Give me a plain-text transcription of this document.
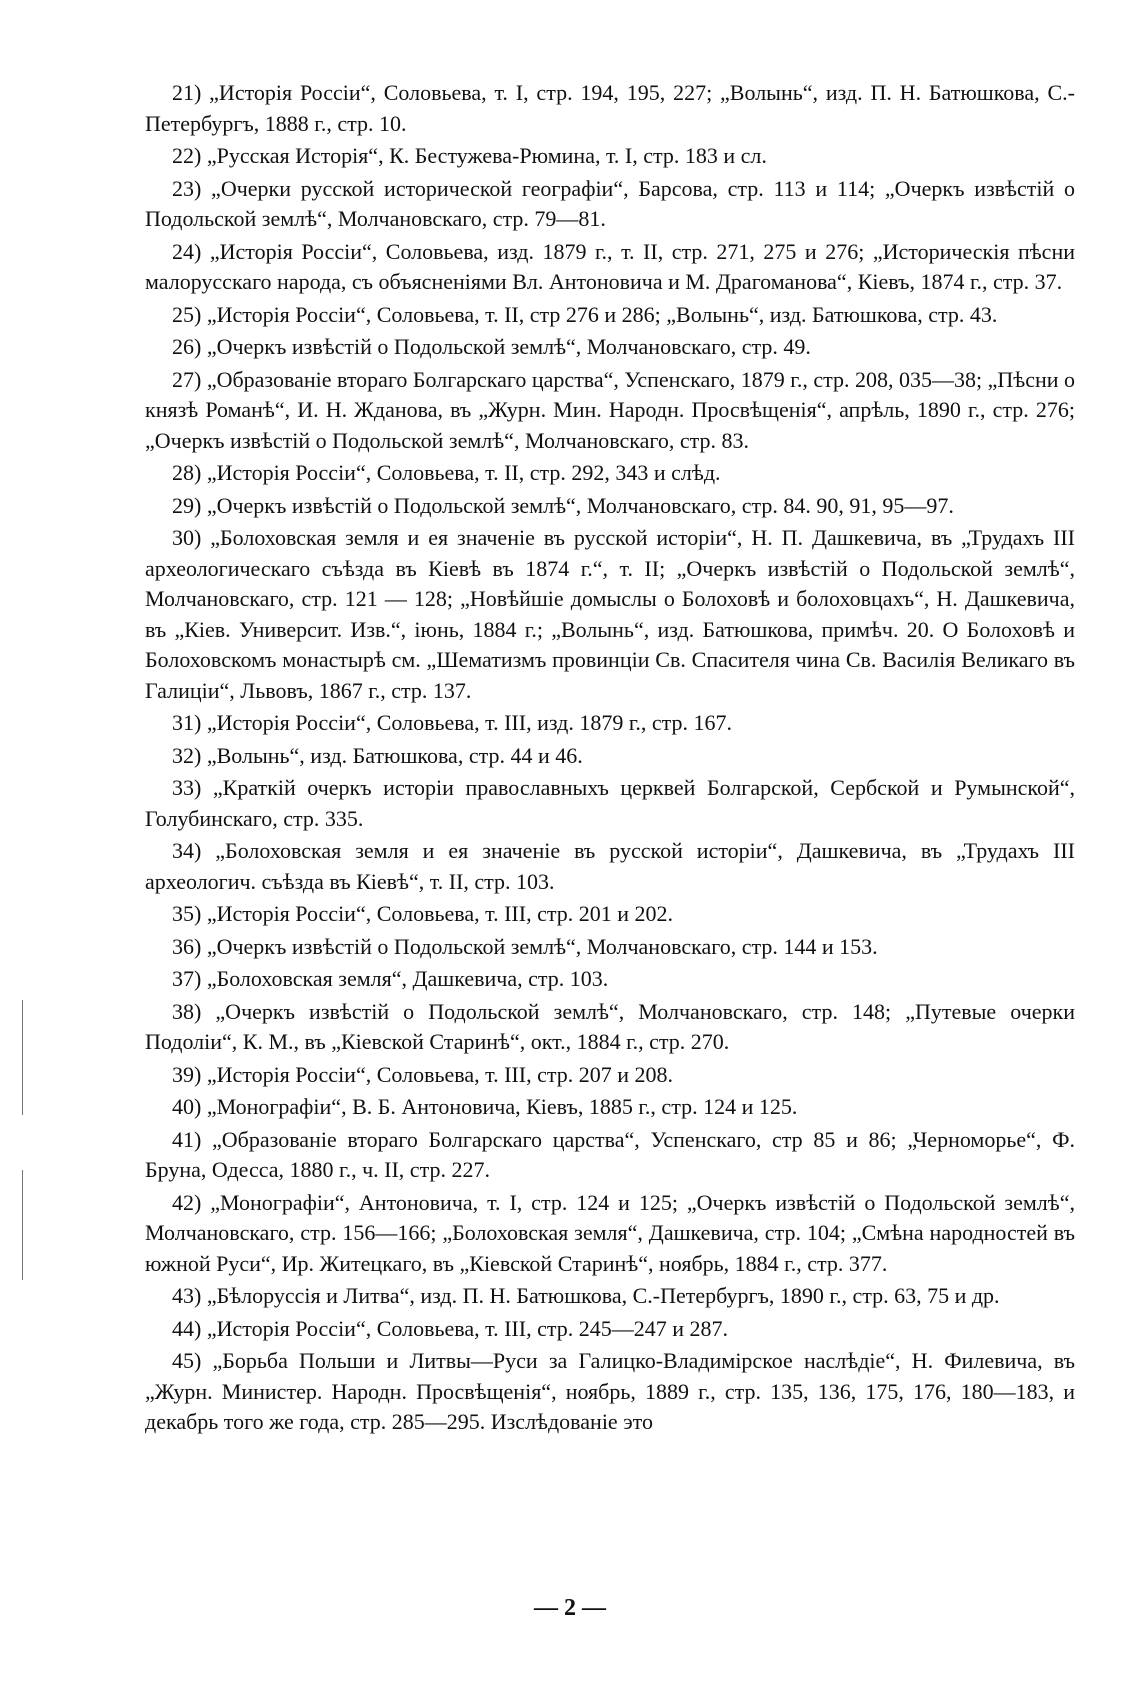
21) „Исторія Россіи“, Соловьева, т. I, стр. 194, 195, 227; „Волынь“, изд. П. Н. Батюшкова, С.-Петербургъ, 1888 г., стр. 10.

22) „Русская Исторія“, К. Бестужева-Рюмина, т. I, стр. 183 и сл.

23) „Очерки русской исторической географіи“, Барсова, стр. 113 и 114; „Очеркъ извѣстій о Подольской землѣ“, Молчановскаго, стр. 79—81.

24) „Исторія Россіи“, Соловьева, изд. 1879 г., т. II, стр. 271, 275 и 276; „Историческія пѣсни малорусскаго народа, съ объясненіями Вл. Антоновича и М. Драгоманова“, Кіевъ, 1874 г., стр. 37.

25) „Исторія Россіи“, Соловьева, т. II, стр 276 и 286; „Волынь“, изд. Батюшкова, стр. 43.

26) „Очеркъ извѣстій о Подольской землѣ“, Молчановскаго, стр. 49.

27) „Образованіе втораго Болгарскаго царства“, Успенскаго, 1879 г., стр. 208, 035—38; „Пѣсни о князѣ Романѣ“, И. Н. Жданова, въ „Журн. Мин. Народн. Просвѣщенія“, апрѣль, 1890 г., стр. 276; „Очеркъ извѣстій о Подольской землѣ“, Молчановскаго, стр. 83.

28) „Исторія Россіи“, Соловьева, т. II, стр. 292, 343 и слѣд.

29) „Очеркъ извѣстій о Подольской землѣ“, Молчановскаго, стр. 84. 90, 91, 95—97.

30) „Болоховская земля и ея значеніе въ русской исторіи“, Н. П. Дашкевича, въ „Трудахъ III археологическаго съѣзда въ Кіевѣ въ 1874 г.“, т. II; „Очеркъ извѣстій о Подольской землѣ“, Молчановскаго, стр. 121 — 128; „Новѣйшіе домыслы о Болоховѣ и болоховцахъ“, Н. Дашкевича, въ „Кіев. Университ. Изв.“, іюнь, 1884 г.; „Волынь“, изд. Батюшкова, примѣч. 20. О Болоховѣ и Болоховскомъ монастырѣ см. „Шематизмъ провинціи Св. Спасителя чина Св. Василія Великаго въ Галиціи“, Львовъ, 1867 г., стр. 137.

31) „Исторія Россіи“, Соловьева, т. III, изд. 1879 г., стр. 167.

32) „Волынь“, изд. Батюшкова, стр. 44 и 46.

33) „Краткій очеркъ исторіи православныхъ церквей Болгарской, Сербской и Румынской“, Голубинскаго, стр. 335.

34) „Болоховская земля и ея значеніе въ русской исторіи“, Дашкевича, въ „Трудахъ III археологич. съѣзда въ Кіевѣ“, т. II, стр. 103.

35) „Исторія Россіи“, Соловьева, т. III, стр. 201 и 202.

36) „Очеркъ извѣстій о Подольской землѣ“, Молчановскаго, стр. 144 и 153.

37) „Болоховская земля“, Дашкевича, стр. 103.

38) „Очеркъ извѣстій о Подольской землѣ“, Молчановскаго, стр. 148; „Путевые очерки Подоліи“, К. М., въ „Кіевской Старинѣ“, окт., 1884 г., стр. 270.

39) „Исторія Россіи“, Соловьева, т. III, стр. 207 и 208.

40) „Монографіи“, В. Б. Антоновича, Кіевъ, 1885 г., стр. 124 и 125.

41) „Образованіе втораго Болгарскаго царства“, Успенскаго, стр 85 и 86; „Черноморье“, Ф. Бруна, Одесса, 1880 г., ч. II, стр. 227.

42) „Монографіи“, Антоновича, т. I, стр. 124 и 125; „Очеркъ извѣстій о Подольской землѣ“, Молчановскаго, стр. 156—166; „Болоховская земля“, Дашкевича, стр. 104; „Смѣна народностей въ южной Руси“, Ир. Житецкаго, въ „Кіевской Старинѣ“, ноябрь, 1884 г., стр. 377.

43) „Бѣлоруссія и Литва“, изд. П. Н. Батюшкова, С.-Петербургъ, 1890 г., стр. 63, 75 и др.

44) „Исторія Россіи“, Соловьева, т. III, стр. 245—247 и 287.

45) „Борьба Польши и Литвы—Руси за Галицко-Владимірское наслѣдіе“, Н. Филевича, въ „Журн. Министер. Народн. Просвѣщенія“, ноябрь, 1889 г., стр. 135, 136, 175, 176, 180—183, и декабрь того же года, стр. 285—295. Изслѣдованіе это

— 2 —
